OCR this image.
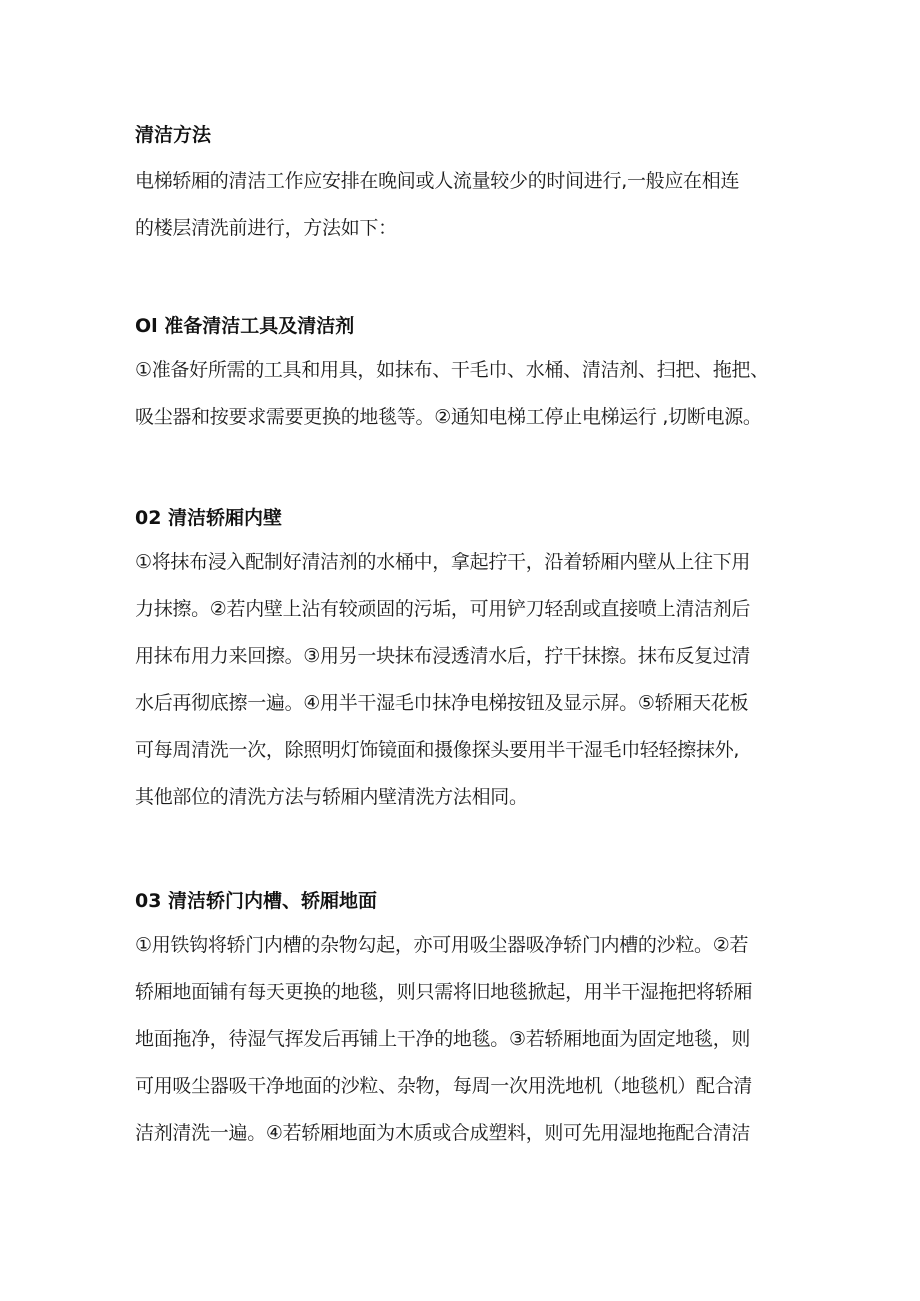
清洁方法
电梯轿厢的清洁工作应安排在晚间或人流量较少的时间进行,一般应在相连
的楼层清洗前进行，方法如下：
Ol 准备清洁工具及清洁剂
①准备好所需的工具和用具，如抹布、干毛巾、水桶、清洁剂、扫把、拖把、
吸尘器和按要求需要更换的地毯等。②通知电梯工停止电梯运行 ,切断电源。
02 清洁轿厢内壁
①将抹布浸入配制好清洁剂的水桶中，拿起拧干，沿着轿厢内壁从上往下用
力抹擦。②若内壁上沾有较顽固的污垢，可用铲刀轻刮或直接喷上清洁剂后
用抹布用力来回擦。③用另一块抹布浸透清水后，拧干抹擦。抹布反复过清
水后再彻底擦一遍。④用半干湿毛巾抹净电梯按钮及显示屏。⑤轿厢天花板
可每周清洗一次，除照明灯饰镜面和摄像探头要用半干湿毛巾轻轻擦抹外,
其他部位的清洗方法与轿厢内壁清洗方法相同。
03 清洁轿门内槽、轿厢地面
①用铁钩将轿门内槽的杂物勾起，亦可用吸尘器吸净轿门内槽的沙粒。②若
轿厢地面铺有每天更换的地毯，则只需将旧地毯掀起，用半干湿拖把将轿厢
地面拖净，待湿气挥发后再铺上干净的地毯。③若轿厢地面为固定地毯，则
可用吸尘器吸干净地面的沙粒、杂物，每周一次用洗地机（地毯机）配合清
洁剂清洗一遍。④若轿厢地面为木质或合成塑料，则可先用湿地拖配合清洁
